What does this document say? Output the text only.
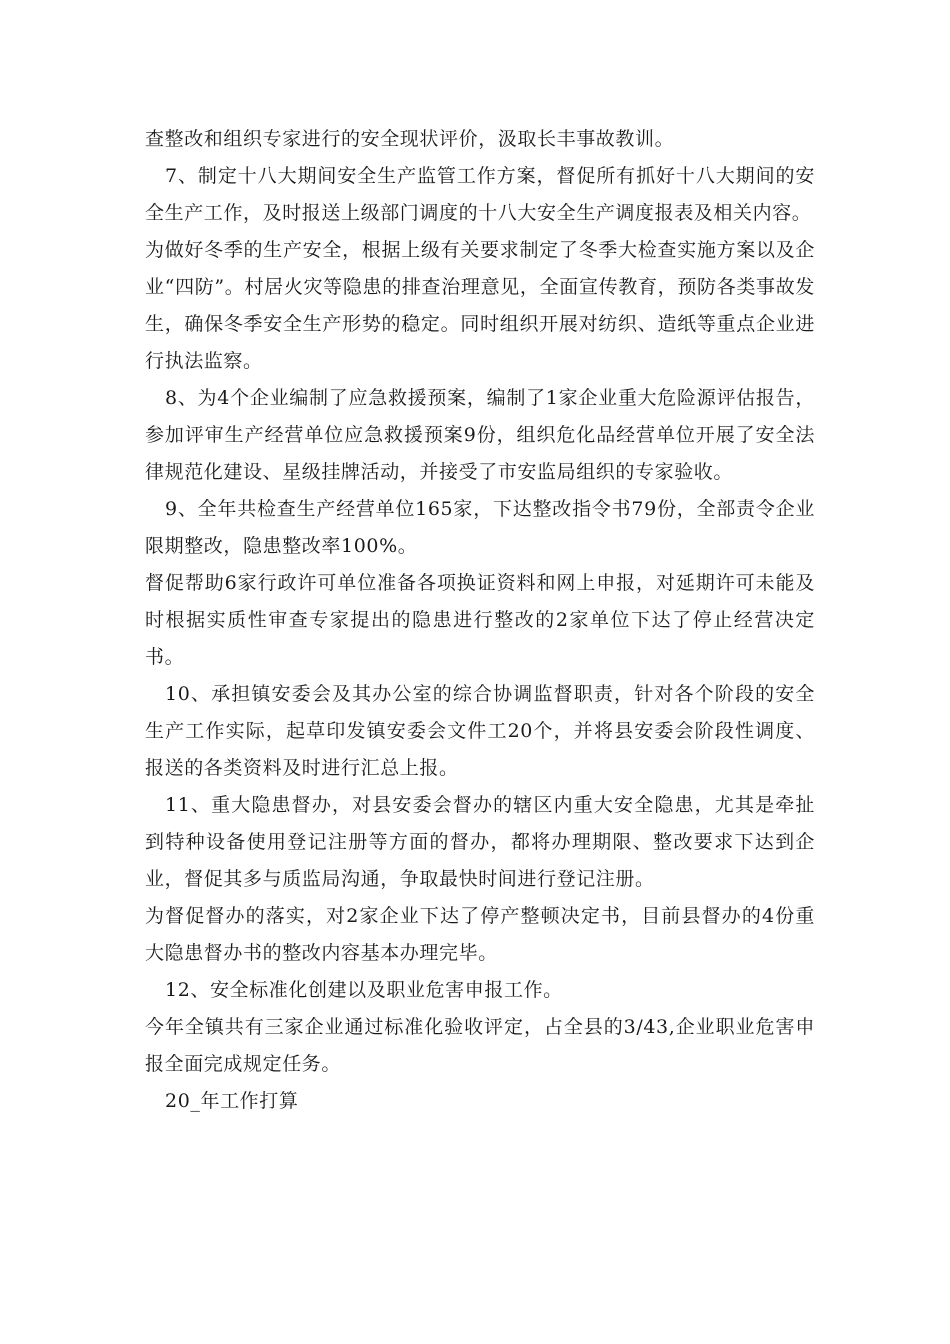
查整改和组织专家进行的安全现状评价，汲取长丰事故教训。

7、制定十八大期间安全生产监管工作方案，督促所有抓好十八大期间的安全生产工作，及时报送上级部门调度的十八大安全生产调度报表及相关内容。

为做好冬季的生产安全，根据上级有关要求制定了冬季大检查实施方案以及企业“四防”。村居火灾等隐患的排查治理意见，全面宣传教育，预防各类事故发生，确保冬季安全生产形势的稳定。同时组织开展对纺织、造纸等重点企业进行执法监察。

8、为4个企业编制了应急救援预案，编制了1家企业重大危险源评估报告，参加评审生产经营单位应急救援预案9份，组织危化品经营单位开展了安全法律规范化建设、星级挂牌活动，并接受了市安监局组织的专家验收。

9、全年共检查生产经营单位165家，下达整改指令书79份，全部责令企业限期整改，隐患整改率100%。

督促帮助6家行政许可单位准备各项换证资料和网上申报，对延期许可未能及时根据实质性审查专家提出的隐患进行整改的2家单位下达了停止经营决定书。

10、承担镇安委会及其办公室的综合协调监督职责，针对各个阶段的安全生产工作实际，起草印发镇安委会文件工20个，并将县安委会阶段性调度、报送的各类资料及时进行汇总上报。

11、重大隐患督办，对县安委会督办的辖区内重大安全隐患，尤其是牵扯到特种设备使用登记注册等方面的督办，都将办理期限、整改要求下达到企业，督促其多与质监局沟通，争取最快时间进行登记注册。

为督促督办的落实，对2家企业下达了停产整顿决定书，目前县督办的4份重大隐患督办书的整改内容基本办理完毕。

12、安全标准化创建以及职业危害申报工作。

今年全镇共有三家企业通过标准化验收评定，占全县的3/43,企业职业危害申报全面完成规定任务。

20_年工作打算
